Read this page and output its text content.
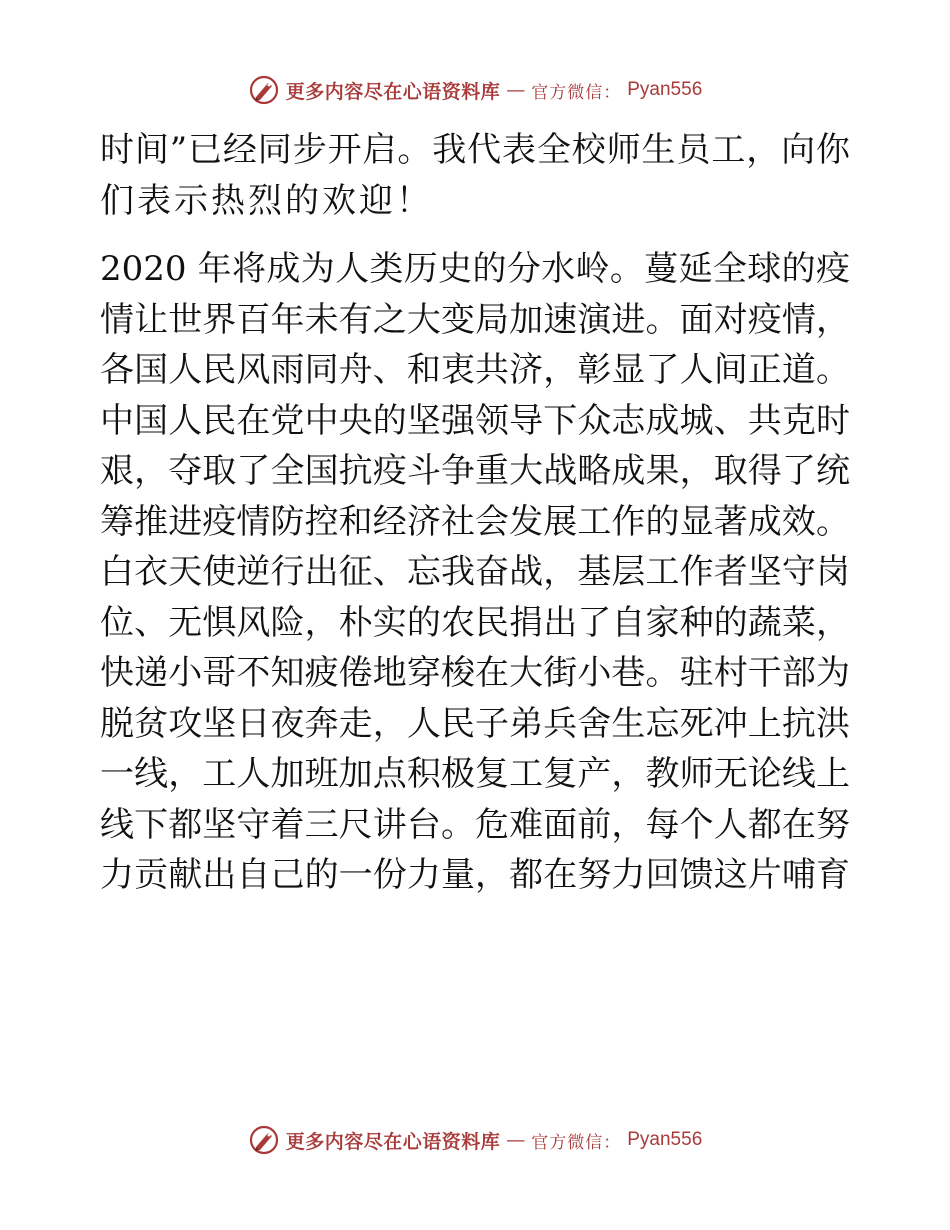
更多内容尽在心语资料库 — 官方微信： Pyan556
时间”已经同步开启。我代表全校师生员工，向你
们表示热烈的欢迎！
2020 年将成为人类历史的分水岭。蔓延全球的疫
情让世界百年未有之大变局加速演进。面对疫情，
各国人民风雨同舟、和衷共济，彰显了人间正道。
中国人民在党中央的坚强领导下众志成城、共克时
艰，夺取了全国抗疫斗争重大战略成果，取得了统
筹推进疫情防控和经济社会发展工作的显著成效。
白衣天使逆行出征、忘我奋战，基层工作者坚守岗
位、无惧风险，朴实的农民捐出了自家种的蔬菜，
快递小哥不知疲倦地穿梭在大街小巷。驻村干部为
脱贫攻坚日夜奔走，人民子弟兵舍生忘死冲上抗洪
一线，工人加班加点积极复工复产，教师无论线上
线下都坚守着三尺讲台。危难面前，每个人都在努
力贡献出自己的一份力量，都在努力回馈这片哺育
更多内容尽在心语资料库 — 官方微信： Pyan556
